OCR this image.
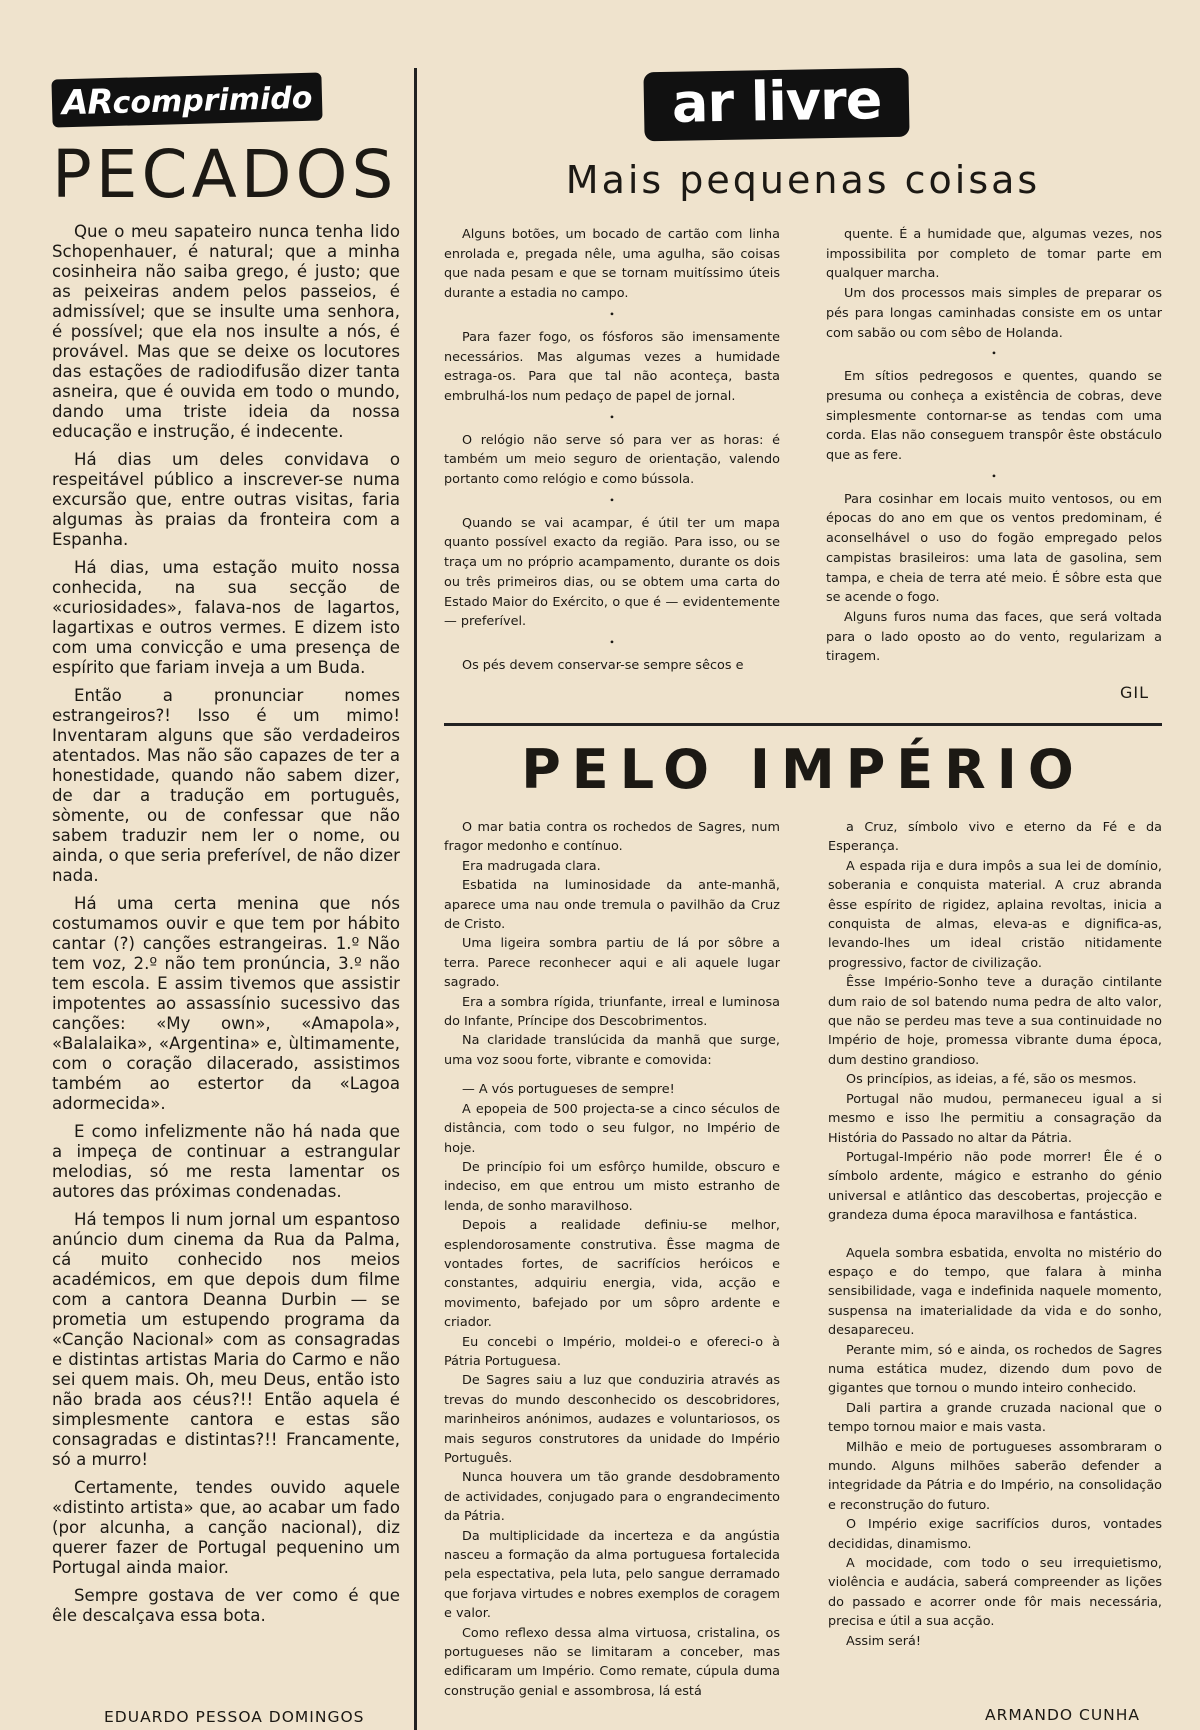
ARcomprimido
PECADOS

Que o meu sapateiro nunca tenha lido Schopenhauer, é natural; que a minha cosinheira não saiba grego, é justo; que as peixeiras andem pelos passeios, é admissível; que se insulte uma senhora, é possível; que ela nos insulte a nós, é provável. Mas que se deixe os locutores das estações de radiodifusão dizer tanta asneira, que é ouvida em todo o mundo, dando uma triste ideia da nossa educação e instrução, é indecente.

Há dias um deles convidava o respeitável público a inscrever-se numa excursão que, entre outras visitas, faria algumas às praias da fronteira com a Espanha.

Há dias, uma estação muito nossa conhecida, na sua secção de «curiosidades», falava-nos de lagartos, lagartixas e outros vermes. E dizem isto com uma convicção e uma presença de espírito que fariam inveja a um Buda.

Então a pronunciar nomes estrangeiros?! Isso é um mimo! Inventaram alguns que são verdadeiros atentados. Mas não são capazes de ter a honestidade, quando não sabem dizer, de dar a tradução em português, sòmente, ou de confessar que não sabem traduzir nem ler o nome, ou ainda, o que seria preferível, de não dizer nada.

Há uma certa menina que nós costumamos ouvir e que tem por hábito cantar (?) canções estrangeiras. 1.º Não tem voz, 2.º não tem pronúncia, 3.º não tem escola. E assim tivemos que assistir impotentes ao assassínio sucessivo das canções: «My own», «Amapola», «Balalaika», «Argentina» e, ùltimamente, com o coração dilacerado, assistimos também ao estertor da «Lagoa adormecida».

E como infelizmente não há nada que a impeça de continuar a estrangular melodias, só me resta lamentar os autores das próximas condenadas.

Há tempos li num jornal um espantoso anúncio dum cinema da Rua da Palma, cá muito conhecido nos meios académicos, em que depois dum filme com a cantora Deanna Durbin — se prometia um estupendo programa da «Canção Nacional» com as consagradas e distintas artistas Maria do Carmo e não sei quem mais. Oh, meu Deus, então isto não brada aos céus?!! Então aquela é simplesmente cantora e estas são consagradas e distintas?!! Francamente, só a murro!

Certamente, tendes ouvido aquele «distinto artista» que, ao acabar um fado (por alcunha, a canção nacional), diz querer fazer de Portugal pequenino um Portugal ainda maior.

Sempre gostava de ver como é que êle descalçava essa bota.

EDUARDO PESSOA DOMINGOS
ar livre
Mais pequenas coisas

Alguns botões, um bocado de cartão com linha enrolada e, pregada nêle, uma agulha, são coisas que nada pesam e que se tornam muitíssimo úteis durante a estadia no campo.

•

Para fazer fogo, os fósforos são imensamente necessários. Mas algumas vezes a humidade estraga-os. Para que tal não aconteça, basta embrulhá-los num pedaço de papel de jornal.

•

O relógio não serve só para ver as horas: é também um meio seguro de orientação, valendo portanto como relógio e como bússola.

•

Quando se vai acampar, é útil ter um mapa quanto possível exacto da região. Para isso, ou se traça um no próprio acampamento, durante os dois ou três primeiros dias, ou se obtem uma carta do Estado Maior do Exército, o que é — evidentemente — preferível.

•

Os pés devem conservar-se sempre sêcos e

quente. É a humidade que, algumas vezes, nos impossibilita por completo de tomar parte em qualquer marcha.

Um dos processos mais simples de preparar os pés para longas caminhadas consiste em os untar com sabão ou com sêbo de Holanda.

•

Em sítios pedregosos e quentes, quando se presuma ou conheça a existência de cobras, deve simplesmente contornar-se as tendas com uma corda. Elas não conseguem transpôr êste obstáculo que as fere.

•

Para cosinhar em locais muito ventosos, ou em épocas do ano em que os ventos predominam, é aconselhável o uso do fogão empregado pelos campistas brasileiros: uma lata de gasolina, sem tampa, e cheia de terra até meio. É sôbre esta que se acende o fogo.

Alguns furos numa das faces, que será voltada para o lado oposto ao do vento, regularizam a tiragem.

GIL
PELO IMPÉRIO

O mar batia contra os rochedos de Sagres, num fragor medonho e contínuo.

Era madrugada clara.

Esbatida na luminosidade da ante-manhã, aparece uma nau onde tremula o pavilhão da Cruz de Cristo.

Uma ligeira sombra partiu de lá por sôbre a terra. Parece reconhecer aqui e ali aquele lugar sagrado.

Era a sombra rígida, triunfante, irreal e luminosa do Infante, Príncipe dos Descobrimentos.

Na claridade translúcida da manhã que surge, uma voz soou forte, vibrante e comovida:

— A vós portugueses de sempre!

A epopeia de 500 projecta-se a cinco séculos de distância, com todo o seu fulgor, no Império de hoje.

De princípio foi um esfôrço humilde, obscuro e indeciso, em que entrou um misto estranho de lenda, de sonho maravilhoso.

Depois a realidade definiu-se melhor, esplendorosamente construtiva. Êsse magma de vontades fortes, de sacrifícios heróicos e constantes, adquiriu energia, vida, acção e movimento, bafejado por um sôpro ardente e criador.

Eu concebi o Império, moldei-o e ofereci-o à Pátria Portuguesa.

De Sagres saiu a luz que conduziria através as trevas do mundo desconhecido os descobridores, marinheiros anónimos, audazes e voluntariosos, os mais seguros construtores da unidade do Império Português.

Nunca houvera um tão grande desdobramento de actividades, conjugado para o engrandecimento da Pátria.

Da multiplicidade da incerteza e da angústia nasceu a formação da alma portuguesa fortalecida pela espectativa, pela luta, pelo sangue derramado que forjava virtudes e nobres exemplos de coragem e valor.

Como reflexo dessa alma virtuosa, cristalina, os portugueses não se limitaram a conceber, mas edificaram um Império. Como remate, cúpula duma construção genial e assombrosa, lá está

a Cruz, símbolo vivo e eterno da Fé e da Esperança.

A espada rija e dura impôs a sua lei de domínio, soberania e conquista material. A cruz abranda êsse espírito de rigidez, aplaina revoltas, inicia a conquista de almas, eleva-as e dignifica-as, levando-lhes um ideal cristão nitidamente progressivo, factor de civilização.

Êsse Império-Sonho teve a duração cintilante dum raio de sol batendo numa pedra de alto valor, que não se perdeu mas teve a sua continuidade no Império de hoje, promessa vibrante duma época, dum destino grandioso.

Os princípios, as ideias, a fé, são os mesmos.

Portugal não mudou, permaneceu igual a si mesmo e isso lhe permitiu a consagração da História do Passado no altar da Pátria.

Portugal-Império não pode morrer! Êle é o símbolo ardente, mágico e estranho do génio universal e atlântico das descobertas, projecção e grandeza duma época maravilhosa e fantástica.

Aquela sombra esbatida, envolta no mistério do espaço e do tempo, que falara à minha sensibilidade, vaga e indefinida naquele momento, suspensa na imaterialidade da vida e do sonho, desapareceu.

Perante mim, só e ainda, os rochedos de Sagres numa estática mudez, dizendo dum povo de gigantes que tornou o mundo inteiro conhecido.

Dali partira a grande cruzada nacional que o tempo tornou maior e mais vasta.

Milhão e meio de portugueses assombraram o mundo. Alguns milhões saberão defender a integridade da Pátria e do Império, na consolidação e reconstrução do futuro.

O Império exige sacrifícios duros, vontades decididas, dinamismo.

A mocidade, com todo o seu irrequietismo, violência e audácia, saberá compreender as lições do passado e acorrer onde fôr mais necessária, precisa e útil a sua acção.

Assim será!

ARMANDO CUNHA
